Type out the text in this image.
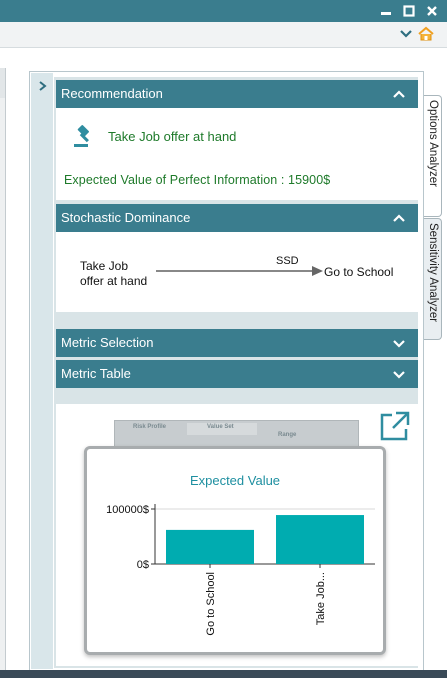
Recommendation
Take Job offer at hand
Expected Value of Perfect Information : 15900$
Stochastic Dominance
Take Job
offer at hand
SSD
Go to School
Metric Selection
Metric Table
Risk Profile	Value Set
Range
Expected Value
0$
100000$
Go to School	Take Job...
Options Analyzer
Sensitivity Analyzer
